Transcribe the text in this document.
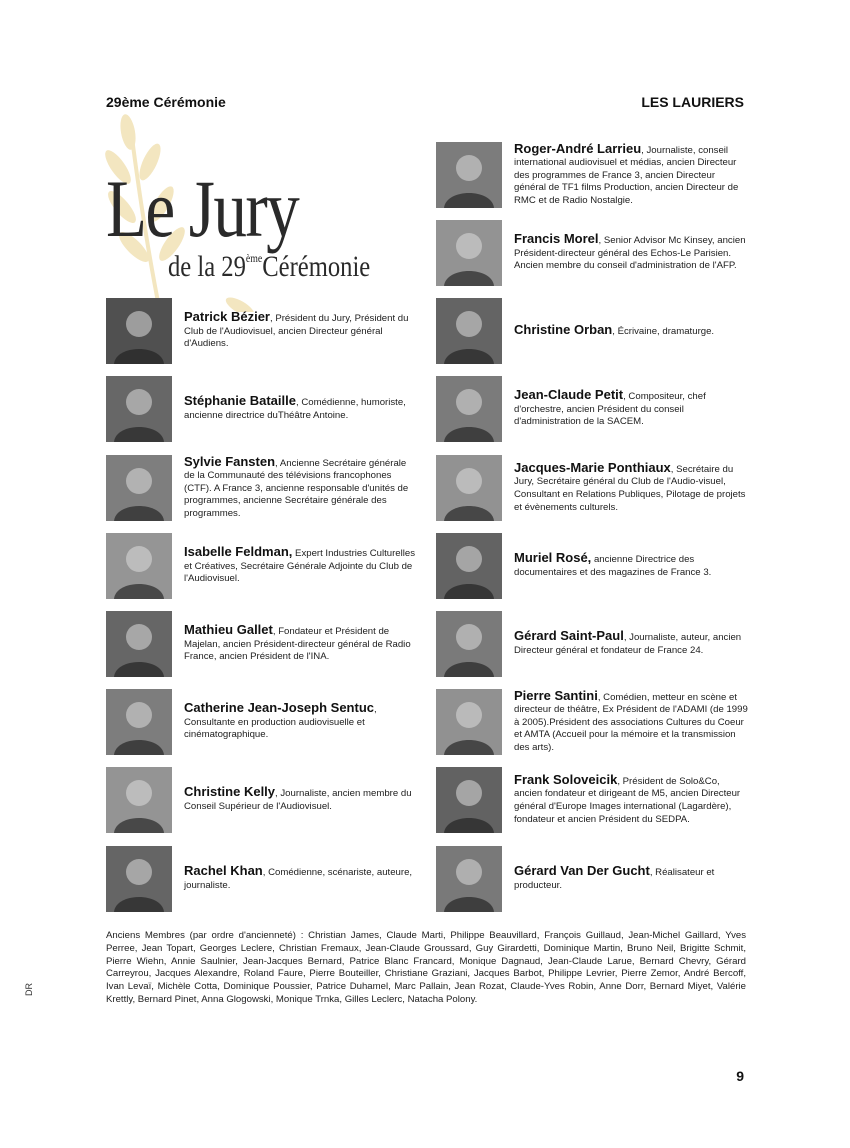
29ème Cérémonie	LES LAURIERS
Le Jury
de la 29èmeCérémonie
Patrick Bézier, Président du Jury, Président du Club de l'Audiovisuel, ancien Directeur général d'Audiens.
Stéphanie Bataille, Comédienne, humoriste, ancienne directrice duThéâtre Antoine.
Sylvie Fansten, Ancienne Secrétaire générale de la Communauté des télévisions francophones (CTF). A France 3, ancienne responsable d'unités de programmes, ancienne Secrétaire générale des programmes.
Isabelle Feldman, Expert Industries Culturelles et Créatives, Secrétaire Générale Adjointe du Club de l'Audiovisuel.
Mathieu Gallet, Fondateur et Président de Majelan, ancien Président-directeur général de Radio France, ancien Président de l'INA.
Catherine Jean-Joseph Sentuc, Consultante en production audiovisuelle et cinématographique.
Christine Kelly, Journaliste, ancien membre du Conseil Supérieur de l'Audiovisuel.
Rachel Khan, Comédienne, scénariste, auteure, journaliste.
Roger-André Larrieu, Journaliste, conseil international audiovisuel et médias, ancien Directeur des programmes de France 3, ancien Directeur général de TF1 films Production, ancien Directeur de RMC et de Radio Nostalgie.
Francis Morel, Senior Advisor Mc Kinsey, ancien Président-directeur général des Echos-Le Parisien. Ancien membre du conseil d'administration de l'AFP.
Christine Orban, Écrivaine, dramaturge.
Jean-Claude Petit, Compositeur, chef d'orchestre, ancien Président du conseil d'administration de la SACEM.
Jacques-Marie Ponthiaux, Secrétaire du Jury, Secrétaire général du Club de l'Audio-visuel, Consultant en Relations Publiques, Pilotage de projets et évènements culturels.
Muriel Rosé, ancienne Directrice des documentaires et des magazines de France 3.
Gérard Saint-Paul, Journaliste, auteur, ancien Directeur général et fondateur de France 24.
Pierre Santini, Comédien, metteur en scène et directeur de théâtre, Ex Président de l'ADAMI (de 1999 à 2005).Président des associations Cultures du Coeur et AMTA (Accueil pour la mémoire et la transmission des arts).
Frank Soloveicik, Président de Solo&Co, ancien fondateur et dirigeant de M5, ancien Directeur général d'Europe Images international (Lagardère), fondateur et ancien Président du SEDPA.
Gérard Van Der Gucht, Réalisateur et producteur.
Anciens Membres (par ordre d'ancienneté) : Christian James, Claude Marti, Philippe Beauvillard, François Guillaud, Jean-Michel Gaillard, Yves Perree, Jean Topart, Georges Leclere, Christian Fremaux, Jean-Claude Groussard, Guy Girardetti, Dominique Martin, Bruno Neil, Brigitte Schmit, Pierre Wiehn, Annie Saulnier, Jean-Jacques Bernard, Patrice Blanc Francard, Monique Dagnaud, Jean-Claude Larue, Bernard Chevry, Gérard Carreyrou, Jacques Alexandre, Roland Faure, Pierre Bouteiller, Christiane Graziani, Jacques Barbot, Philippe Levrier, Pierre Zemor, André Bercoff, Ivan Levaï, Michèle Cotta, Dominique Poussier, Patrice Duhamel, Marc Pallain, Jean Rozat, Claude-Yves Robin, Anne Dorr, Bernard Miyet, Valérie Krettly, Bernard Pinet, Anna Glogowski, Monique Trnka, Gilles Leclerc, Natacha Polony.
DR
9
